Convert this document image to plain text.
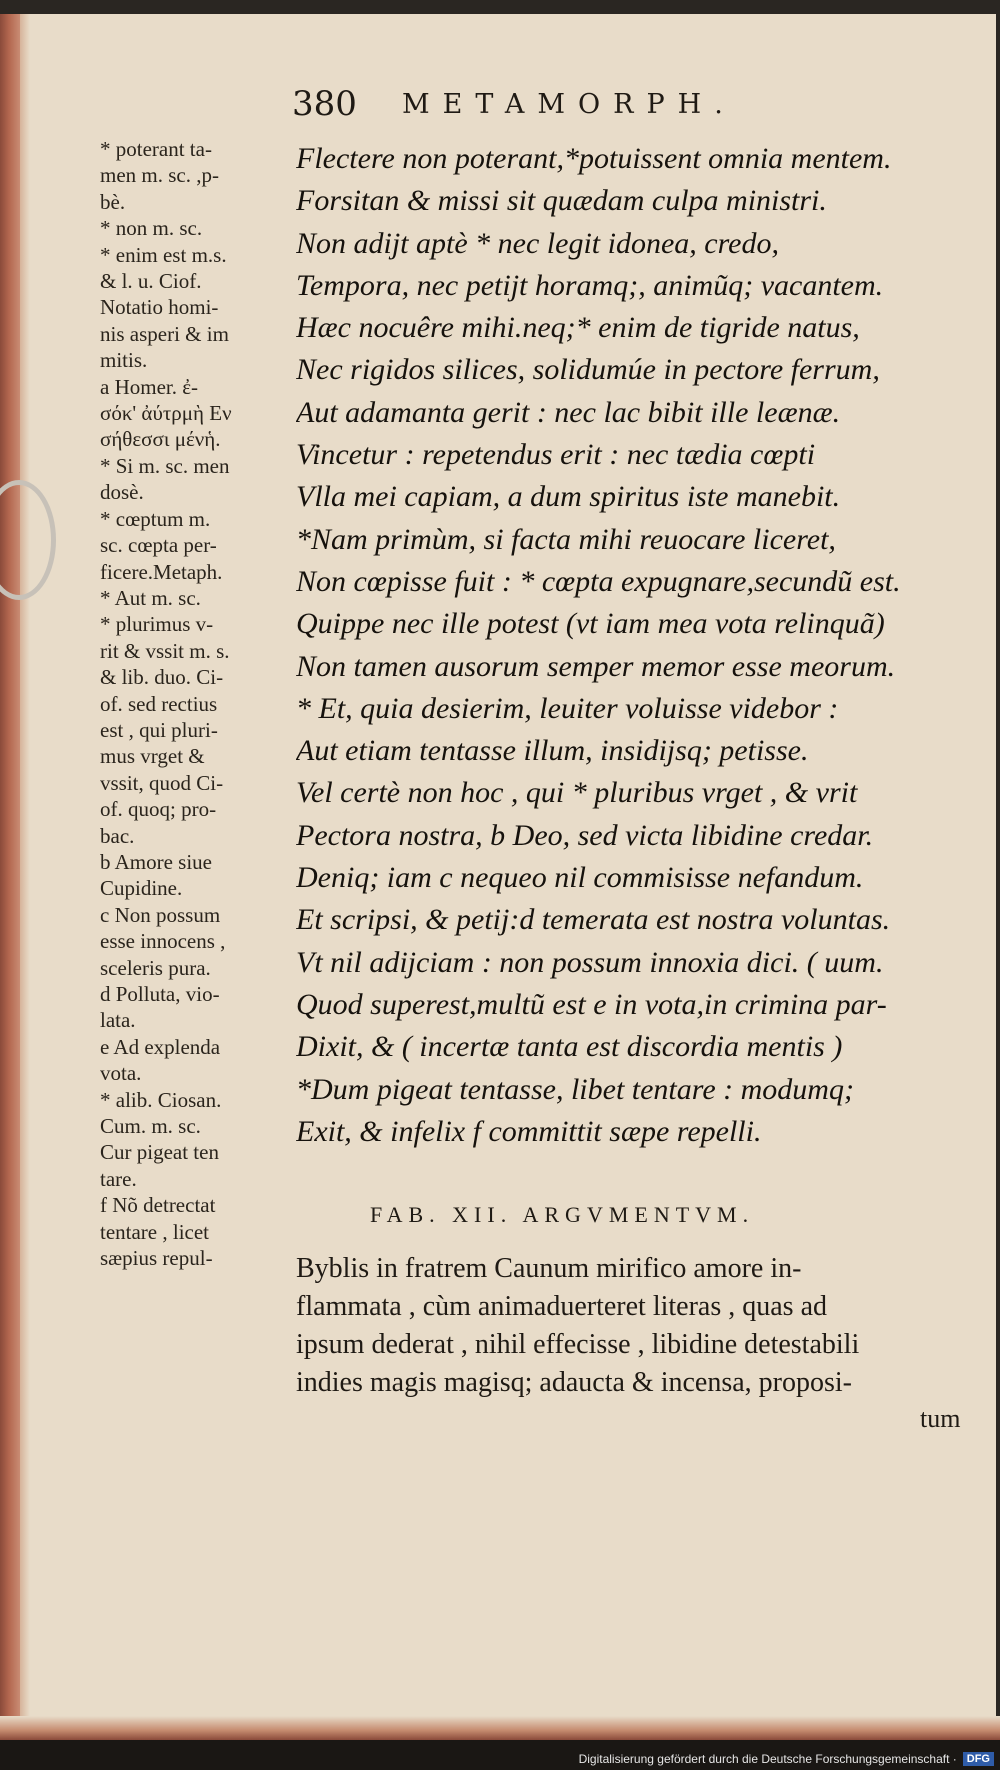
380	METAMORPH.
* poterant ta-
men m. sc. ,p-
bè.
* non m. sc.
* enim est m.s.
& l. u. Ciof.
Notatio homi-
nis asperi & im
mitis.
a Homer. ἐ-
σόκ' ἀύτρμὴ Εν
σήθεσσι μένἡ.
* Si m. sc. men
dosè.
* cœptum m.
sc. cœpta per-
ficere.Metaph.
* Aut m. sc.
* plurimus v-
rit & vssit m. s.
& lib. duo. Ci-
of. sed rectius
est , qui pluri-
mus vrget &
vssit, quod Ci-
of. quoq; pro-
bac.
b Amore siue
Cupidine.
c Non possum
esse innocens ,
sceleris pura.
d Polluta, vio-
lata.
e Ad explenda
vota.
* alib. Ciosan.
Cum. m. sc.
Cur pigeat ten
tare.
f Nõ detrectat
tentare , licet
sæpius repul-
Flectere non poterant,*potuissent omnia mentem.
Forsitan & missi sit quædam culpa ministri.
Non adijt aptè * nec legit idonea, credo,
Tempora, nec petijt horamq;, animũq; vacantem.
Hæc nocuêre mihi.neq;* enim de tigride natus,
Nec rigidos silices, solidumúe in pectore ferrum,
Aut adamanta gerit : nec lac bibit ille leænæ.
Vincetur : repetendus erit : nec tædia cœpti
Vlla mei capiam, a dum spiritus iste manebit.
*Nam primùm, si facta mihi reuocare liceret,
Non cœpisse fuit : * cœpta expugnare,secundũ est.
Quippe nec ille potest (vt iam mea vota relinquã)
Non tamen ausorum semper memor esse meorum.
* Et, quia desierim, leuiter voluisse videbor :
Aut etiam tentasse illum, insidijsq; petisse.
Vel certè non hoc , qui * pluribus vrget , & vrit
Pectora nostra, b Deo, sed victa libidine credar.
Deniq; iam c nequeo nil commisisse nefandum.
Et scripsi, & petij:d temerata est nostra voluntas.
Vt nil adijciam : non possum innoxia dici. ( uum.
Quod superest,multũ est e in vota,in crimina par-
Dixit, & ( incertæ tanta est discordia mentis )
*Dum pigeat tentasse, libet tentare : modumq;
Exit, & infelix f committit sæpe repelli.
FAB. XII. ARGVMENTVM.
Byblis in fratrem Caunum mirifico amore in-
flammata , cùm animaduerteret literas , quas ad
ipsum dederat , nihil effecisse , libidine detestabili
indies magis magisq; adaucta & incensa, proposi-
tum
Digitalisierung gefördert durch die Deutsche Forschungsgemeinschaft · DFG
